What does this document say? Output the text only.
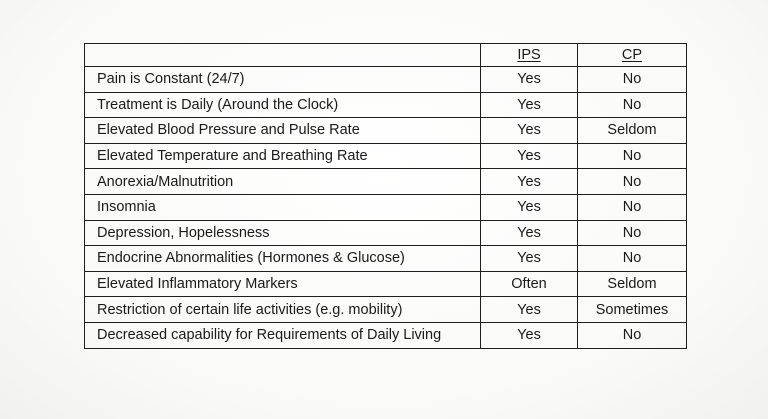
	IPS	CP
Pain is Constant (24/7)	Yes	No
Treatment is Daily (Around the Clock)	Yes	No
Elevated Blood Pressure and Pulse Rate	Yes	Seldom
Elevated Temperature and Breathing Rate	Yes	No
Anorexia/Malnutrition	Yes	No
Insomnia	Yes	No
Depression, Hopelessness	Yes	No
Endocrine Abnormalities (Hormones & Glucose)	Yes	No
Elevated Inflammatory Markers	Often	Seldom
Restriction of certain life activities (e.g. mobility)	Yes	Sometimes
Decreased capability for Requirements of Daily Living	Yes	No
